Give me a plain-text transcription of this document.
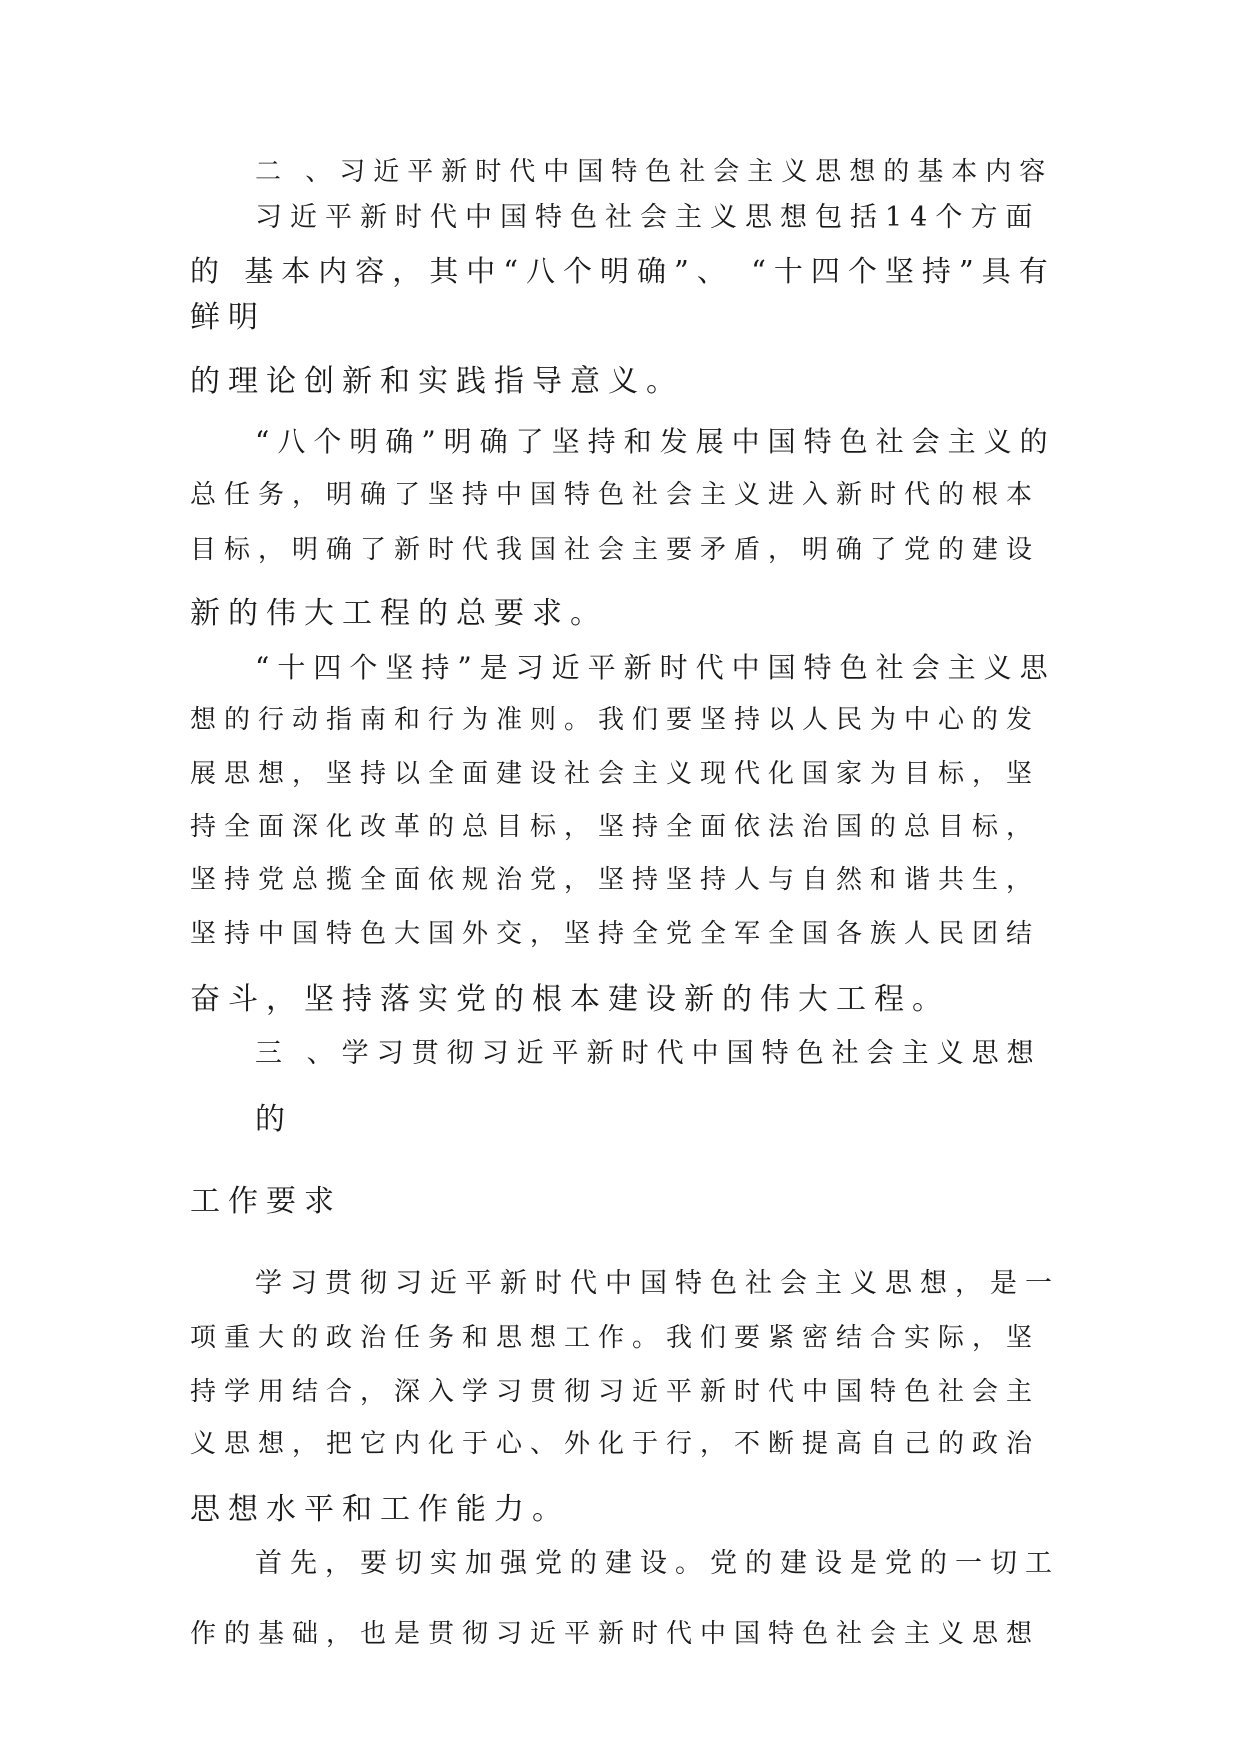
二 、习近平新时代中国特色社会主义思想的基本内容

习近平新时代中国特色社会主义思想包括14个方面

的 基本内容，其中“八个明确”、 “十四个坚持”具有

鲜明

的理论创新和实践指导意义。

“八个明确”明确了坚持和发展中国特色社会主义的

总任务，明确了坚持中国特色社会主义进入新时代的根本

目标，明确了新时代我国社会主要矛盾，明确了党的建设

新的伟大工程的总要求。

“十四个坚持”是习近平新时代中国特色社会主义思

想的行动指南和行为准则。我们要坚持以人民为中心的发

展思想，坚持以全面建设社会主义现代化国家为目标，坚

持全面深化改革的总目标，坚持全面依法治国的总目标，

坚持党总揽全面依规治党，坚持坚持人与自然和谐共生，

坚持中国特色大国外交，坚持全党全军全国各族人民团结

奋斗，坚持落实党的根本建设新的伟大工程。

三 、学习贯彻习近平新时代中国特色社会主义思想

的

工作要求

学习贯彻习近平新时代中国特色社会主义思想，是一

项重大的政治任务和思想工作。我们要紧密结合实际，坚

持学用结合，深入学习贯彻习近平新时代中国特色社会主

义思想，把它内化于心、外化于行，不断提高自己的政治

思想水平和工作能力。

首先，要切实加强党的建设。党的建设是党的一切工

作的基础，也是贯彻习近平新时代中国特色社会主义思想
